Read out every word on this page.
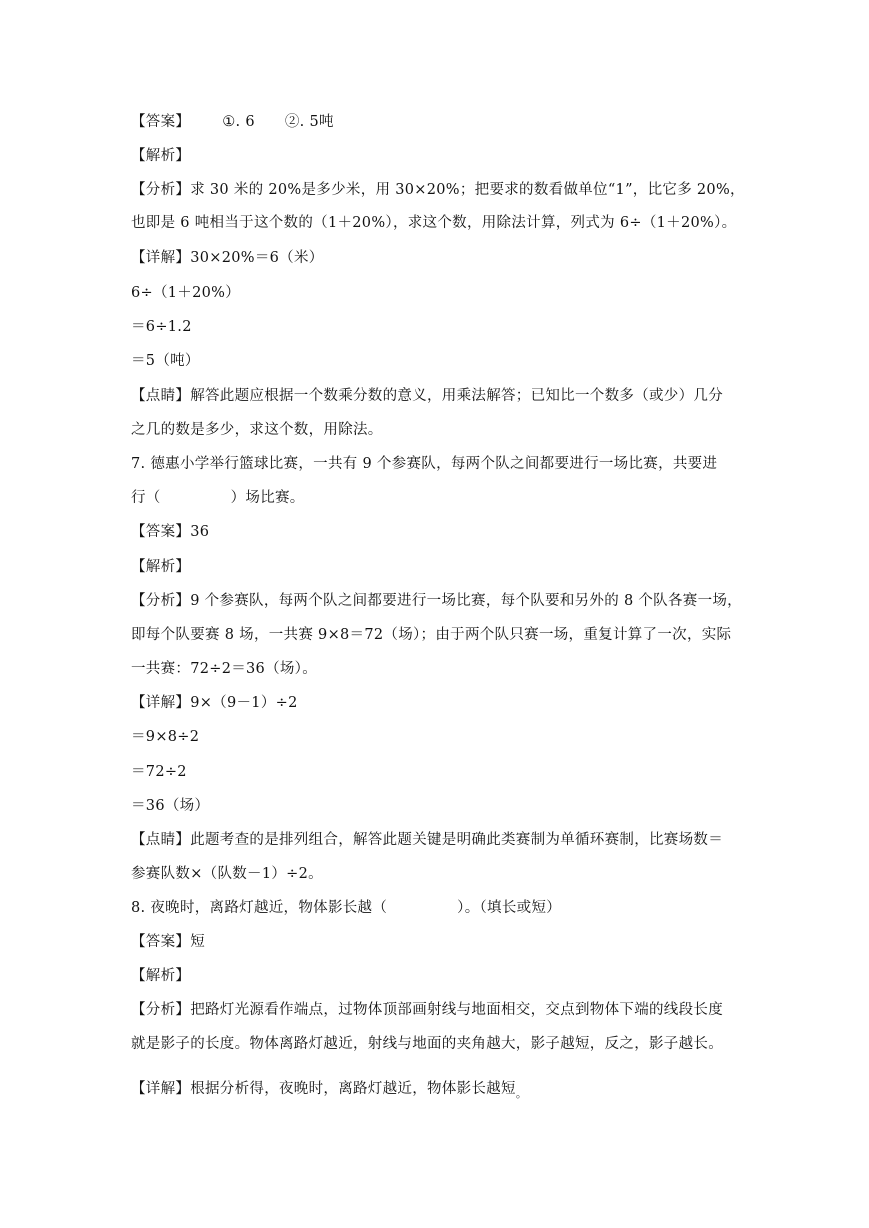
【答案】 ①. 6 ②. 5吨
【解析】
【分析】求 30 米的 20%是多少米，用 30×20%；把要求的数看做单位“1”，比它多 20%，
也即是 6 吨相当于这个数的（1＋20%），求这个数，用除法计算，列式为 6÷（1＋20%）。
【详解】30×20%＝6（米）
6÷（1＋20%）
＝6÷1.2
＝5（吨）
【点睛】解答此题应根据一个数乘分数的意义，用乘法解答；已知比一个数多（或少）几分
之几的数是多少，求这个数，用除法。
7. 德惠小学举行篮球比赛，一共有 9 个参赛队，每两个队之间都要进行一场比赛，共要进
行（	）场比赛。
【答案】36
【解析】
【分析】9 个参赛队，每两个队之间都要进行一场比赛，每个队要和另外的 8 个队各赛一场，
即每个队要赛 8 场，一共赛 9×8＝72（场）；由于两个队只赛一场，重复计算了一次，实际
一共赛：72÷2＝36（场）。
【详解】9×（9－1）÷2
＝9×8÷2
＝72÷2
＝36（场）
【点睛】此题考查的是排列组合，解答此题关键是明确此类赛制为单循环赛制，比赛场数＝
参赛队数×（队数－1）÷2。
8. 夜晚时，离路灯越近，物体影长越（	）。（填长或短）
【答案】短
【解析】
【分析】把路灯光源看作端点，过物体顶部画射线与地面相交，交点到物体下端的线段长度
就是影子的长度。物体离路灯越近，射线与地面的夹角越大，影子越短，反之，影子越长。
【详解】根据分析得，夜晚时，离路灯越近，物体影长越短$_。$
